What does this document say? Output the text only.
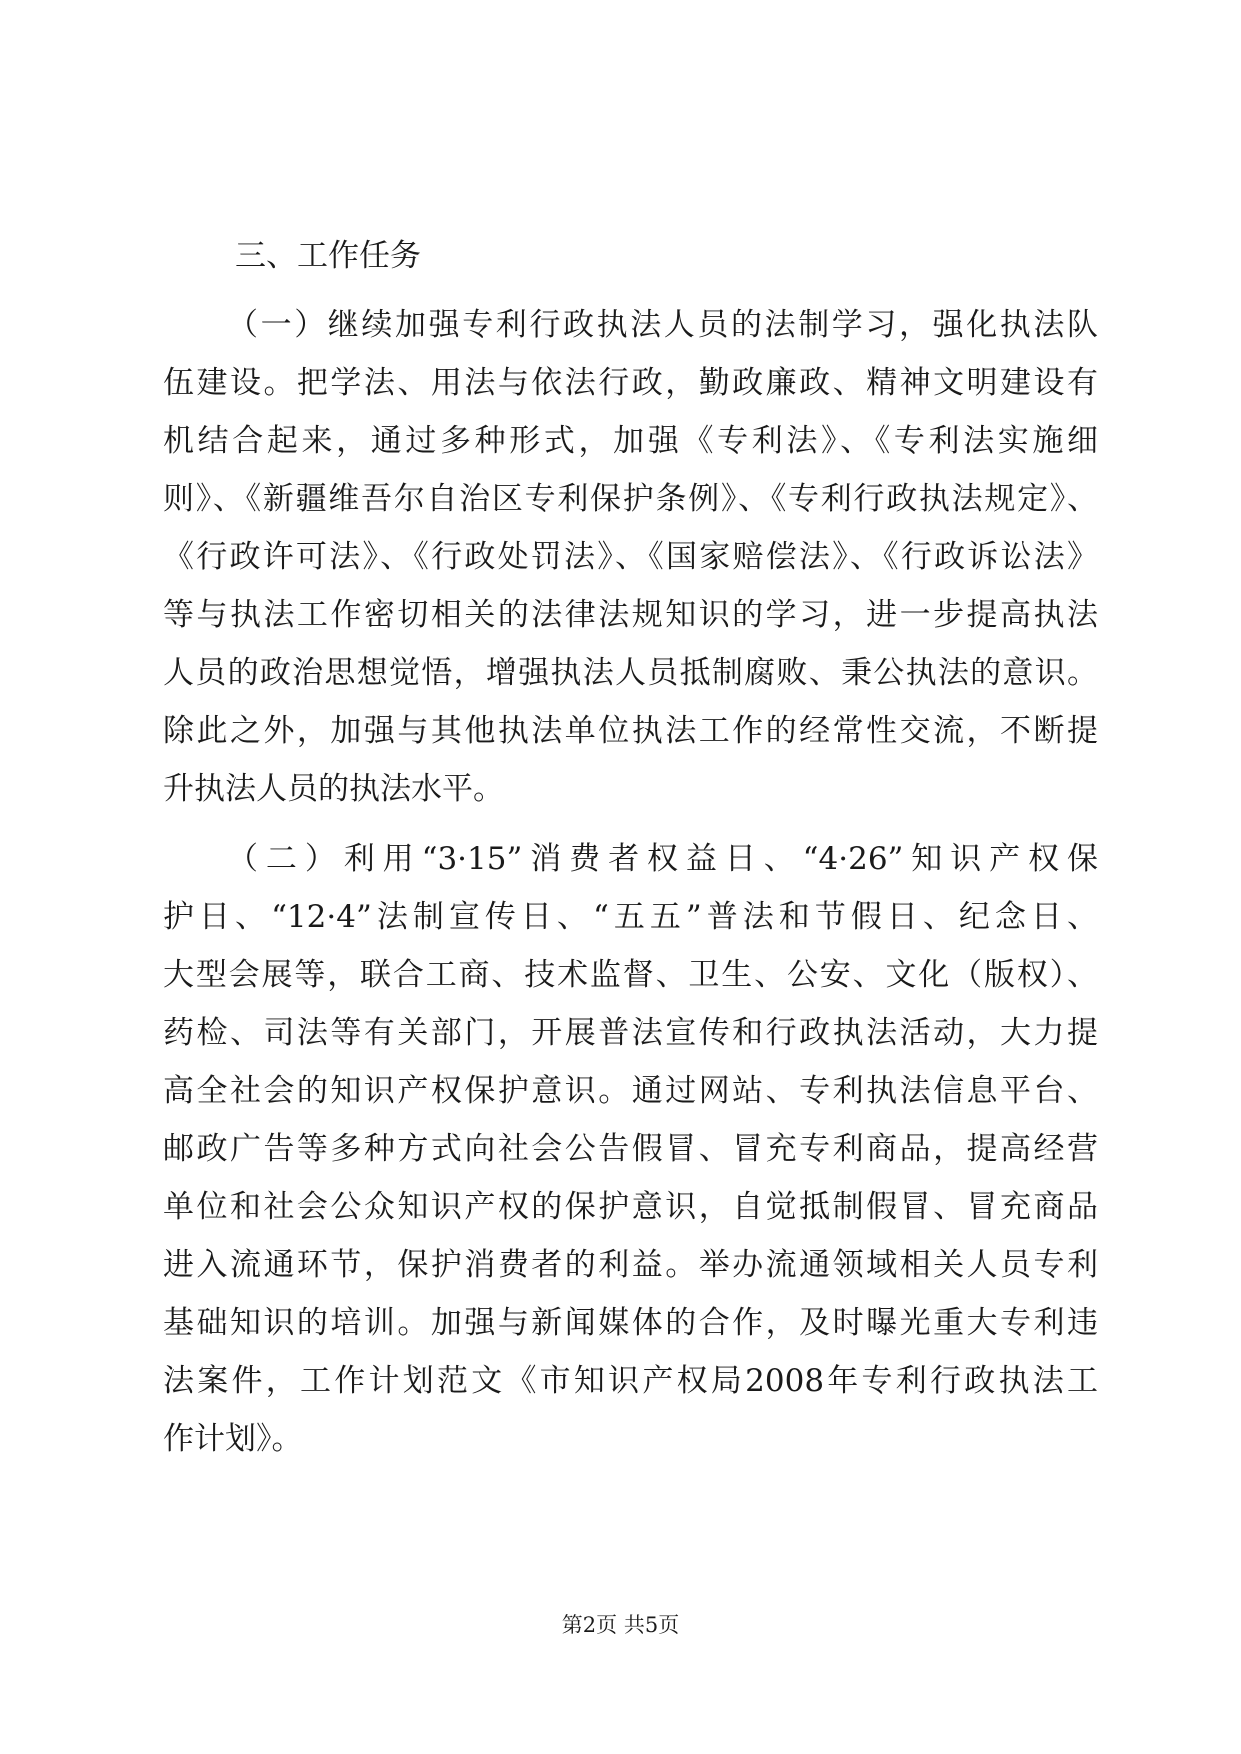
三、工作任务
（一）继续加强专利行政执法人员的法制学习，强化执法队
伍建设。把学法、用法与依法行政，勤政廉政、精神文明建设有
机结合起来，通过多种形式，加强《专利法》、《专利法实施细
则》、《新疆维吾尔自治区专利保护条例》、《专利行政执法规定》、
《行政许可法》、《行政处罚法》、《国家赔偿法》、《行政诉讼法》
等与执法工作密切相关的法律法规知识的学习，进一步提高执法
人员的政治思想觉悟，增强执法人员抵制腐败、秉公执法的意识。
除此之外，加强与其他执法单位执法工作的经常性交流，不断提
升执法人员的执法水平。
（二）利用“3·15”消费者权益日、“4·26”知识产权保
护日、“12·4”法制宣传日、“五五”普法和节假日、纪念日、
大型会展等，联合工商、技术监督、卫生、公安、文化（版权）、
药检、司法等有关部门，开展普法宣传和行政执法活动，大力提
高全社会的知识产权保护意识。通过网站、专利执法信息平台、
邮政广告等多种方式向社会公告假冒、冒充专利商品，提高经营
单位和社会公众知识产权的保护意识，自觉抵制假冒、冒充商品
进入流通环节，保护消费者的利益。举办流通领域相关人员专利
基础知识的培训。加强与新闻媒体的合作，及时曝光重大专利违
法案件，工作计划范文《市知识产权局2008年专利行政执法工
作计划》。
第2页 共5页
